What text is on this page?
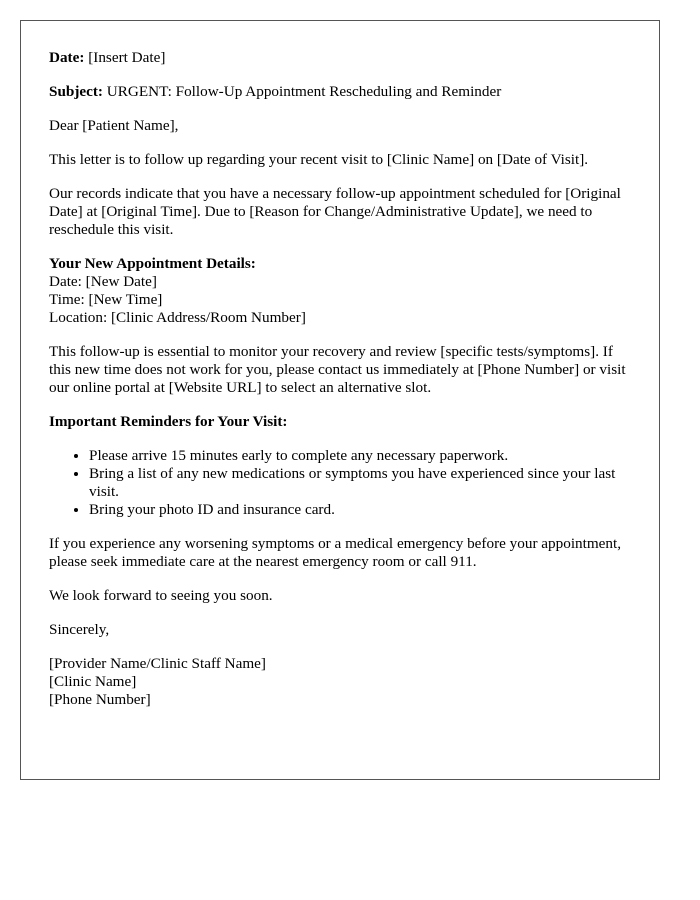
Date: [Insert Date]

Subject: URGENT: Follow-Up Appointment Rescheduling and Reminder

Dear [Patient Name],

This letter is to follow up regarding your recent visit to [Clinic Name] on [Date of Visit].

Our records indicate that you have a necessary follow-up appointment scheduled for [Original Date] at [Original Time]. Due to [Reason for Change/Administrative Update], we need to reschedule this visit.

Your New Appointment Details:
Date: [New Date]
Time: [New Time]
Location: [Clinic Address/Room Number]

This follow-up is essential to monitor your recovery and review [specific tests/symptoms]. If this new time does not work for you, please contact us immediately at [Phone Number] or visit our online portal at [Website URL] to select an alternative slot.

Important Reminders for Your Visit:

• Please arrive 15 minutes early to complete any necessary paperwork.
• Bring a list of any new medications or symptoms you have experienced since your last visit.
• Bring your photo ID and insurance card.

If you experience any worsening symptoms or a medical emergency before your appointment, please seek immediate care at the nearest emergency room or call 911.

We look forward to seeing you soon.

Sincerely,

[Provider Name/Clinic Staff Name]
[Clinic Name]
[Phone Number]
